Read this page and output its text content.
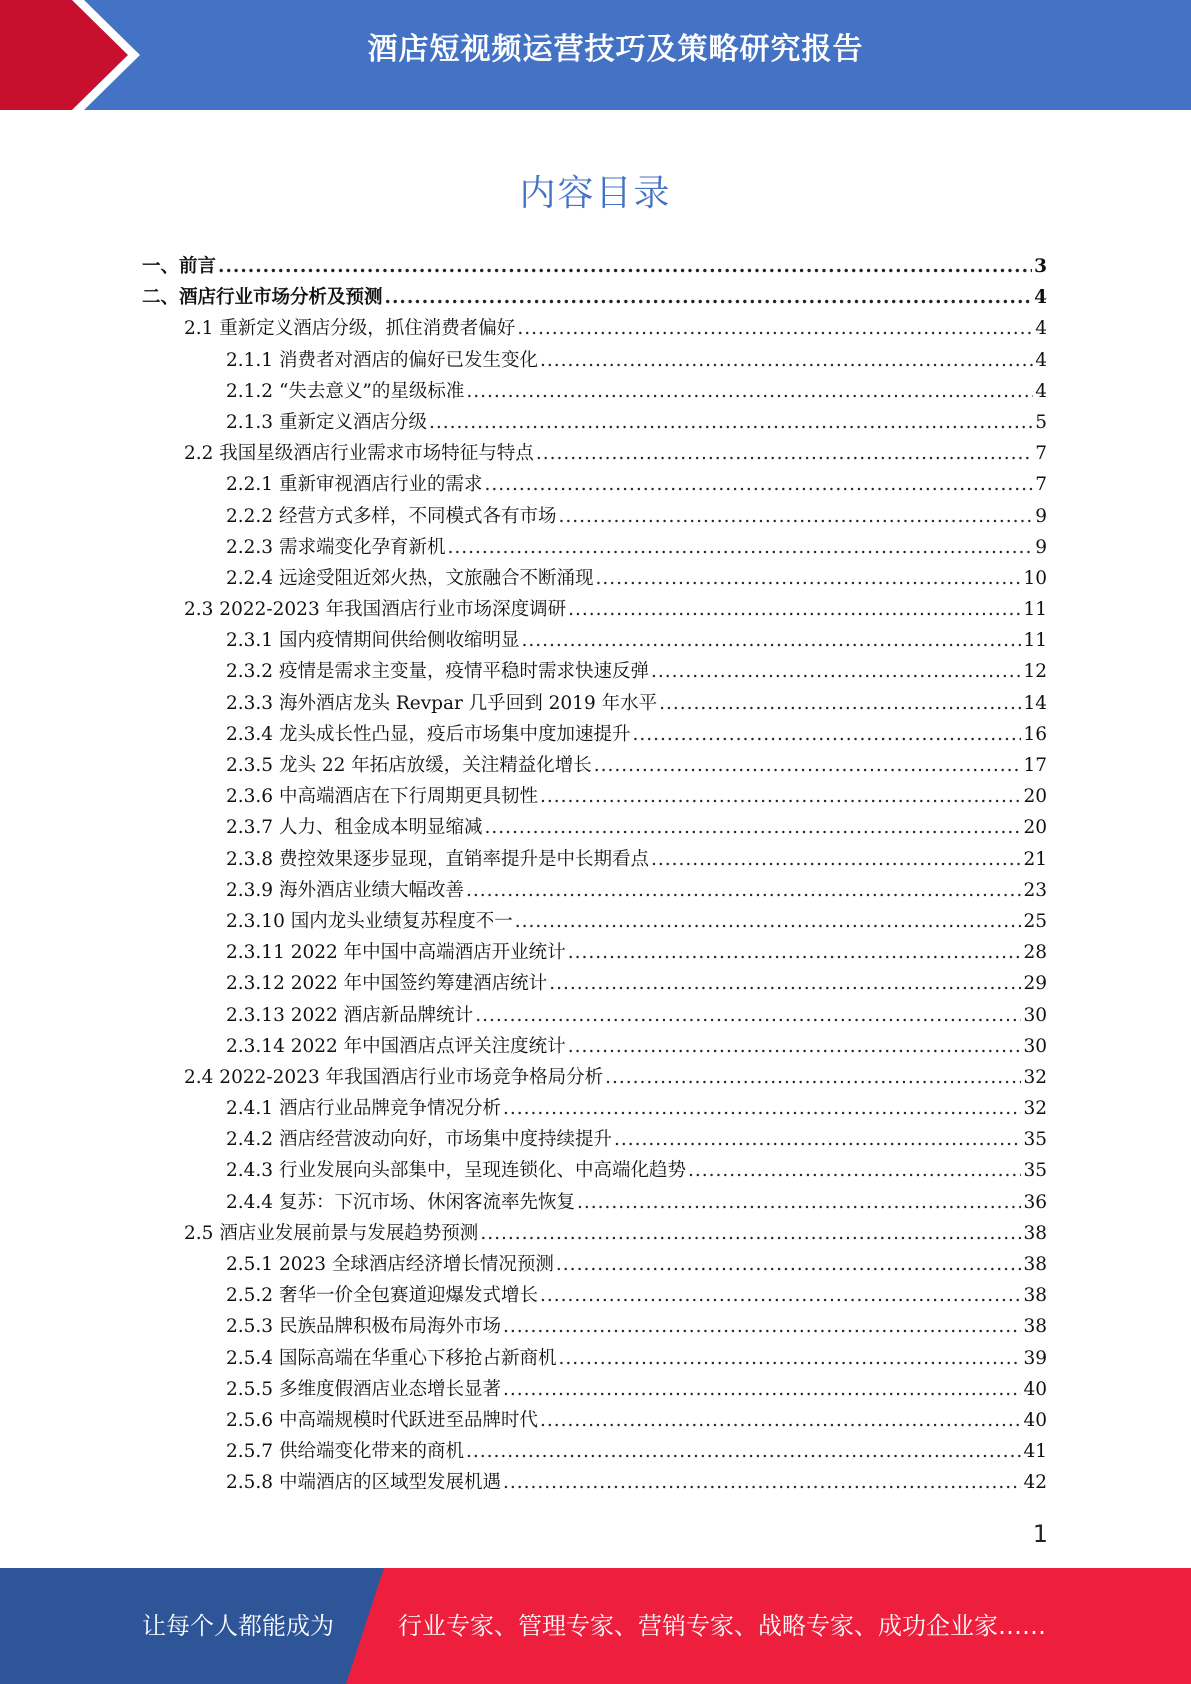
酒店短视频运营技巧及策略研究报告
内容目录
一、前言 .....	3
二、酒店行业市场分析及预测 .....	4
2.1 重新定义酒店分级，抓住消费者偏好 .....	4
2.1.1 消费者对酒店的偏好已发生变化 .....	4
2.1.2 “失去意义”的星级标准 .....	4
2.1.3 重新定义酒店分级 .....	5
2.2 我国星级酒店行业需求市场特征与特点 .....	7
2.2.1 重新审视酒店行业的需求 .....	7
2.2.2 经营方式多样，不同模式各有市场 .....	9
2.2.3 需求端变化孕育新机 .....	9
2.2.4 远途受阻近郊火热，文旅融合不断涌现 .....	10
2.3 2022-2023 年我国酒店行业市场深度调研 .....	11
2.3.1 国内疫情期间供给侧收缩明显 .....	11
2.3.2 疫情是需求主变量，疫情平稳时需求快速反弹 .....	12
2.3.3 海外酒店龙头 Revpar 几乎回到 2019 年水平 .....	14
2.3.4 龙头成长性凸显，疫后市场集中度加速提升 .....	16
2.3.5 龙头 22 年拓店放缓，关注精益化增长 .....	17
2.3.6 中高端酒店在下行周期更具韧性 .....	20
2.3.7 人力、租金成本明显缩减 .....	20
2.3.8 费控效果逐步显现，直销率提升是中长期看点 .....	21
2.3.9 海外酒店业绩大幅改善 .....	23
2.3.10 国内龙头业绩复苏程度不一 .....	25
2.3.11 2022 年中国中高端酒店开业统计 .....	28
2.3.12 2022 年中国签约筹建酒店统计 .....	29
2.3.13 2022 酒店新品牌统计 .....	30
2.3.14 2022 年中国酒店点评关注度统计 .....	30
2.4 2022-2023 年我国酒店行业市场竞争格局分析 .....	32
2.4.1 酒店行业品牌竞争情况分析 .....	32
2.4.2 酒店经营波动向好，市场集中度持续提升 .....	35
2.4.3 行业发展向头部集中，呈现连锁化、中高端化趋势 .....	35
2.4.4 复苏：下沉市场、休闲客流率先恢复 .....	36
2.5 酒店业发展前景与发展趋势预测 .....	38
2.5.1 2023 全球酒店经济增长情况预测 .....	38
2.5.2 奢华一价全包赛道迎爆发式增长 .....	38
2.5.3 民族品牌积极布局海外市场 .....	38
2.5.4 国际高端在华重心下移抢占新商机 .....	39
2.5.5 多维度假酒店业态增长显著 .....	40
2.5.6 中高端规模时代跃进至品牌时代 .....	40
2.5.7 供给端变化带来的商机 .....	41
2.5.8 中端酒店的区域型发展机遇 .....	42
1
让每个人都能成为	行业专家、管理专家、营销专家、战略专家、成功企业家……
